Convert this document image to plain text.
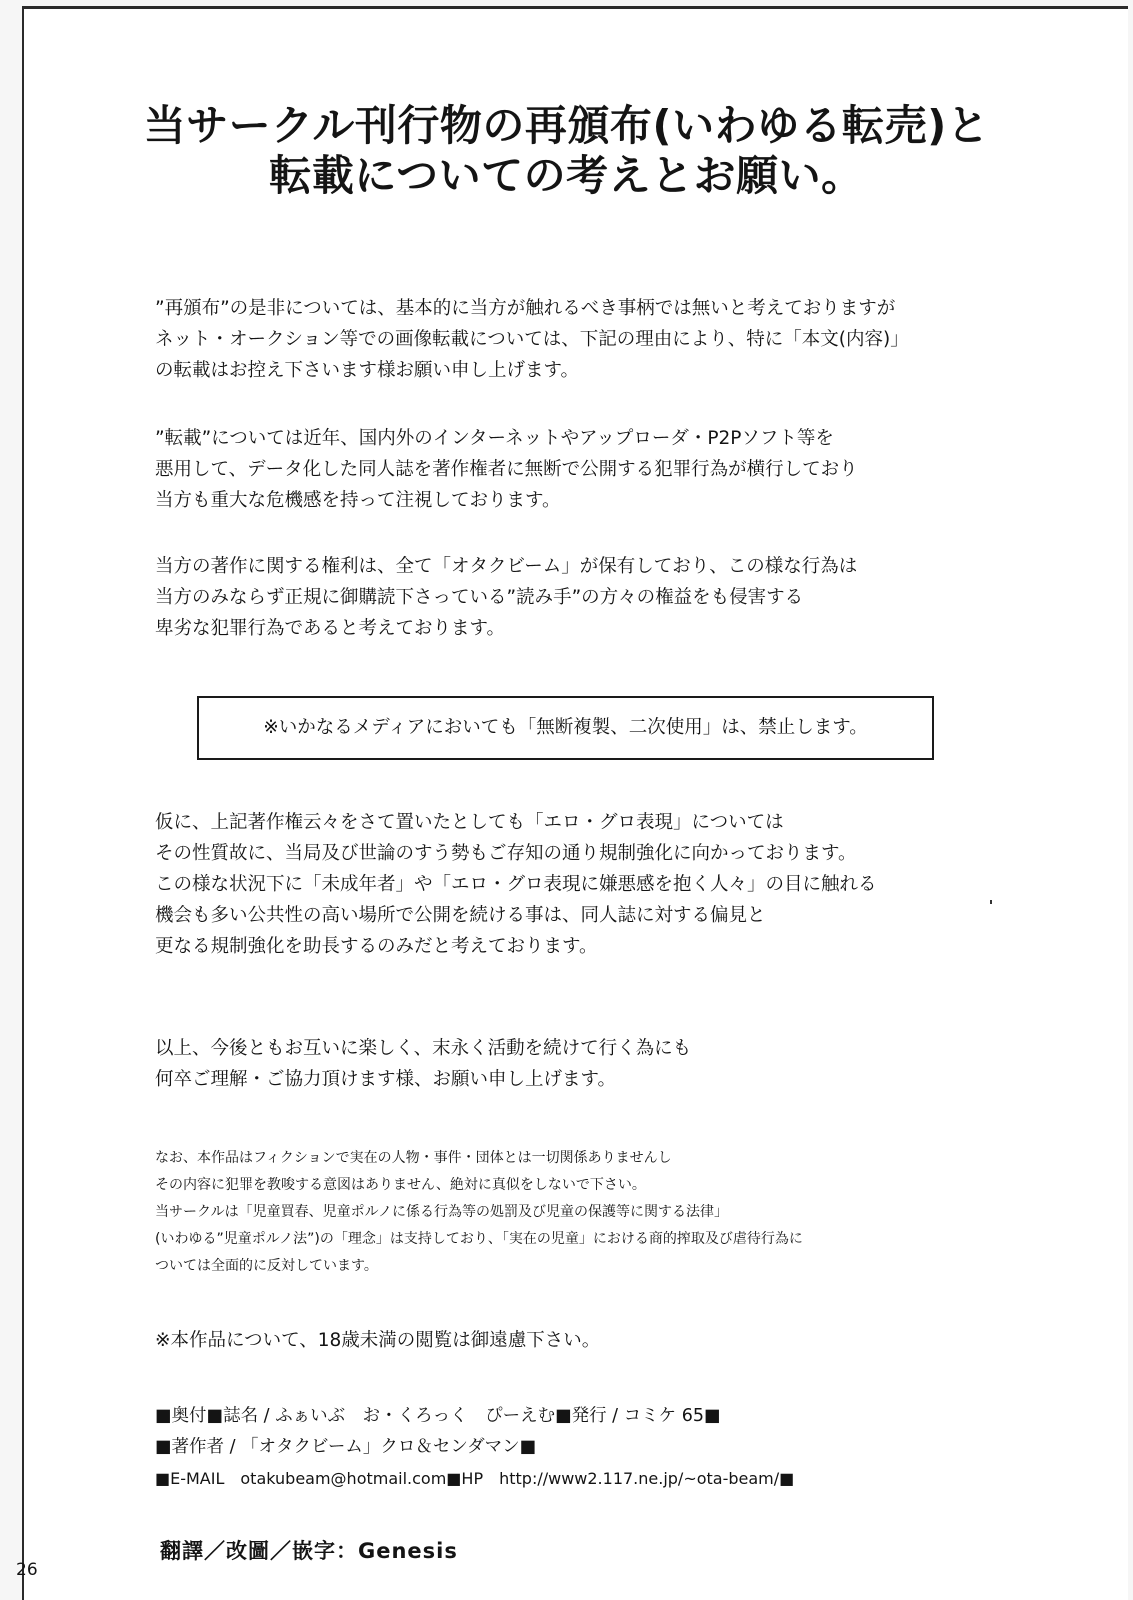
当サークル刊行物の再頒布(いわゆる転売)と
転載についての考えとお願い。
”再頒布”の是非については、基本的に当方が触れるべき事柄では無いと考えておりますが
ネット・オークション等での画像転載については、下記の理由により、特に「本文(内容)」
の転載はお控え下さいます様お願い申し上げます。
”転載”については近年、国内外のインターネットやアップローダ・P2Pソフト等を
悪用して、データ化した同人誌を著作権者に無断で公開する犯罪行為が横行しており
当方も重大な危機感を持って注視しております。
当方の著作に関する権利は、全て「オタクビーム」が保有しており、この様な行為は
当方のみならず正規に御購読下さっている”読み手”の方々の権益をも侵害する
卑劣な犯罪行為であると考えております。
※いかなるメディアにおいても「無断複製、二次使用」は、禁止します。
仮に、上記著作権云々をさて置いたとしても「エロ・グロ表現」については
その性質故に、当局及び世論のすう勢もご存知の通り規制強化に向かっております。
この様な状況下に「未成年者」や「エロ・グロ表現に嫌悪感を抱く人々」の目に触れる
機会も多い公共性の高い場所で公開を続ける事は、同人誌に対する偏見と
更なる規制強化を助長するのみだと考えております。
以上、今後ともお互いに楽しく、末永く活動を続けて行く為にも
何卒ご理解・ご協力頂けます様、お願い申し上げます。
なお、本作品はフィクションで実在の人物・事件・団体とは一切関係ありませんし
その内容に犯罪を教唆する意図はありません、絶対に真似をしないで下さい。
当サークルは「児童買春、児童ポルノに係る行為等の処罰及び児童の保護等に関する法律」
(いわゆる”児童ポルノ法”)の「理念」は支持しており、「実在の児童」における商的搾取及び虐待行為に
ついては全面的に反対しています。
※本作品について、18歳未満の閲覧は御遠慮下さい。
■奥付■誌名 / ふぁいぶ　お・くろっく　ぴーえむ■発行 / コミケ 65■
■著作者 / 「オタクビーム」クロ＆センダマン■
■E-MAIL　otakubeam@hotmail.com■HP　http://www2.117.ne.jp/~ota-beam/■
翻譯／改圖／嵌字：Genesis
26
